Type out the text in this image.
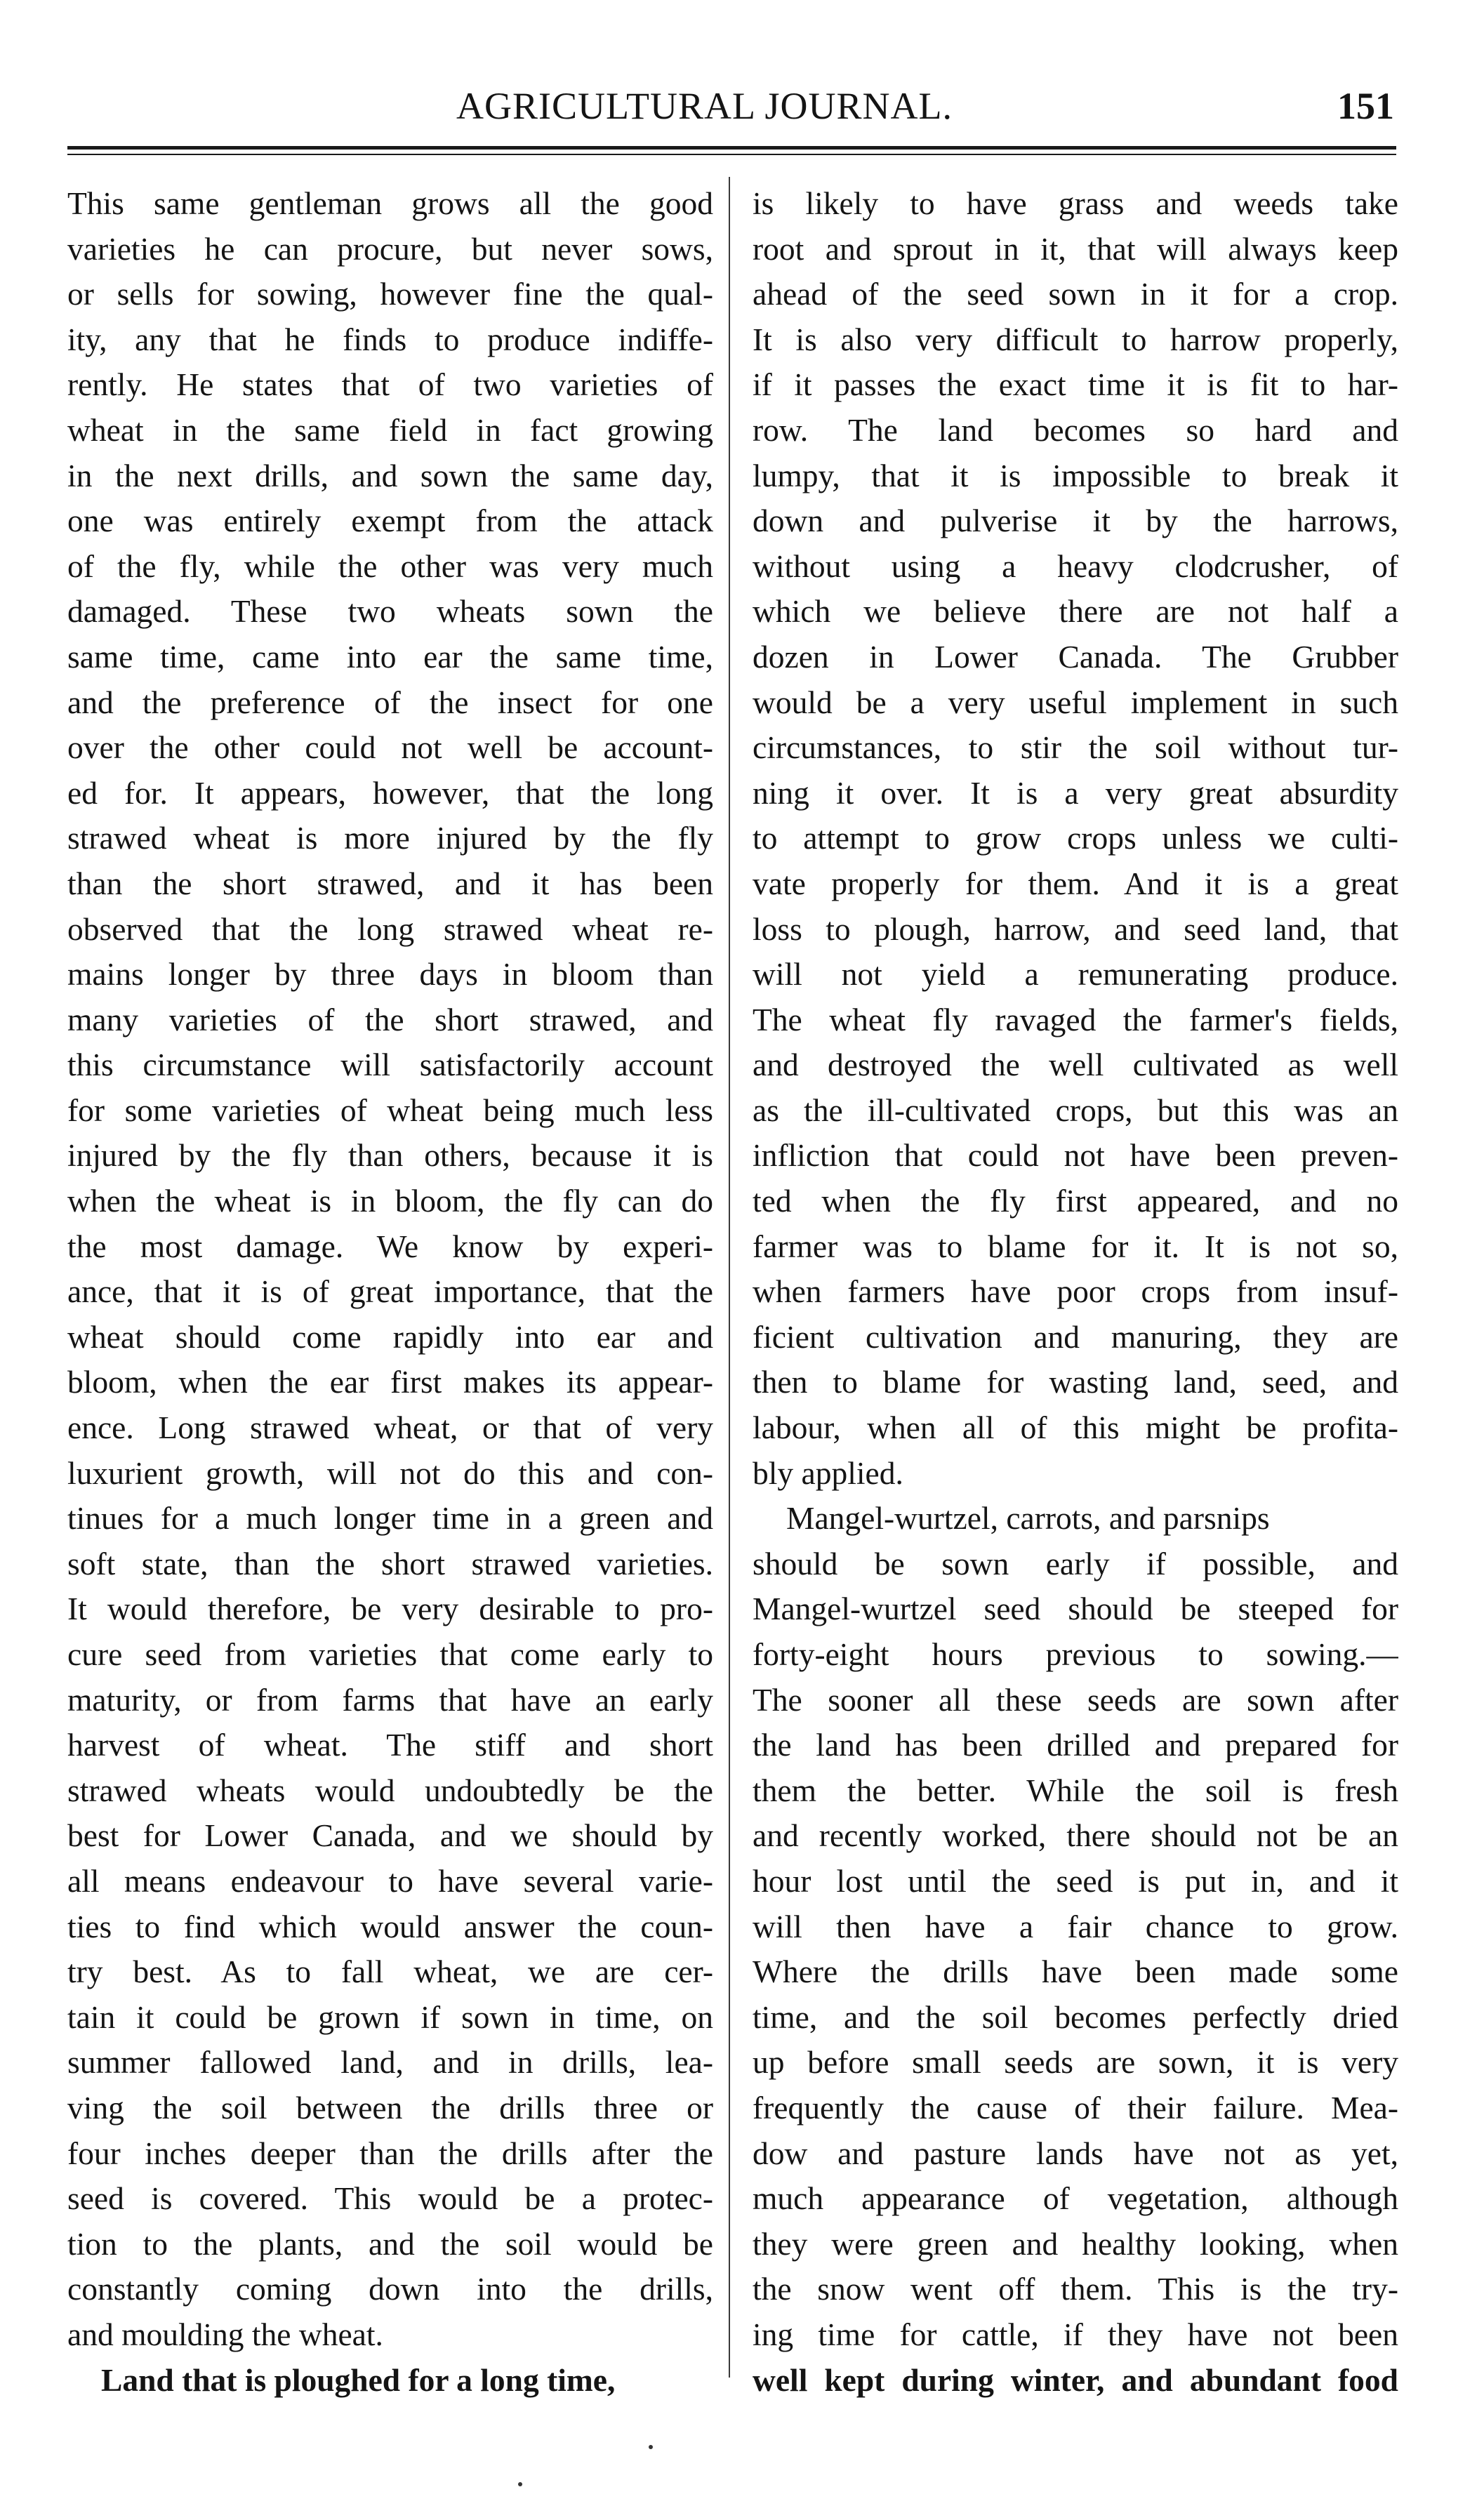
AGRICULTURAL JOURNAL.	151
This same gentleman grows all the good
varieties he can procure, but never sows,
or sells for sowing, however fine the qual-
ity, any that he finds to produce indiffe-
rently. He states that of two varieties of
wheat in the same field in fact growing
in the next drills, and sown the same day,
one was entirely exempt from the attack
of the fly, while the other was very much
damaged. These two wheats sown the
same time, came into ear the same time,
and the preference of the insect for one
over the other could not well be account-
ed for. It appears, however, that the long
strawed wheat is more injured by the fly
than the short strawed, and it has been
observed that the long strawed wheat re-
mains longer by three days in bloom than
many varieties of the short strawed, and
this circumstance will satisfactorily account
for some varieties of wheat being much less
injured by the fly than others, because it is
when the wheat is in bloom, the fly can do
the most damage. We know by experi-
ance, that it is of great importance, that the
wheat should come rapidly into ear and
bloom, when the ear first makes its appear-
ence. Long strawed wheat, or that of very
luxurient growth, will not do this and con-
tinues for a much longer time in a green and
soft state, than the short strawed varieties.
It would therefore, be very desirable to pro-
cure seed from varieties that come early to
maturity, or from farms that have an early
harvest of wheat. The stiff and short
strawed wheats would undoubtedly be the
best for Lower Canada, and we should by
all means endeavour to have several varie-
ties to find which would answer the coun-
try best. As to fall wheat, we are cer-
tain it could be grown if sown in time, on
summer fallowed land, and in drills, lea-
ving the soil between the drills three or
four inches deeper than the drills after the
seed is covered. This would be a protec-
tion to the plants, and the soil would be
constantly coming down into the drills,
and moulding the wheat.
Land that is ploughed for a long time,
is likely to have grass and weeds take
root and sprout in it, that will always keep
ahead of the seed sown in it for a crop.
It is also very difficult to harrow properly,
if it passes the exact time it is fit to har-
row. The land becomes so hard and
lumpy, that it is impossible to break it
down and pulverise it by the harrows,
without using a heavy clodcrusher, of
which we believe there are not half a
dozen in Lower Canada. The Grubber
would be a very useful implement in such
circumstances, to stir the soil without tur-
ning it over. It is a very great absurdity
to attempt to grow crops unless we culti-
vate properly for them. And it is a great
loss to plough, harrow, and seed land, that
will not yield a remunerating produce.
The wheat fly ravaged the farmer's fields,
and destroyed the well cultivated as well
as the ill-cultivated crops, but this was an
infliction that could not have been preven-
ted when the fly first appeared, and no
farmer was to blame for it. It is not so,
when farmers have poor crops from insuf-
ficient cultivation and manuring, they are
then to blame for wasting land, seed, and
labour, when all of this might be profita-
bly applied.
Mangel-wurtzel, carrots, and parsnips
should be sown early if possible, and
Mangel-wurtzel seed should be steeped for
forty-eight hours previous to sowing.—
The sooner all these seeds are sown after
the land has been drilled and prepared for
them the better. While the soil is fresh
and recently worked, there should not be an
hour lost until the seed is put in, and it
will then have a fair chance to grow.
Where the drills have been made some
time, and the soil becomes perfectly dried
up before small seeds are sown, it is very
frequently the cause of their failure. Mea-
dow and pasture lands have not as yet,
much appearance of vegetation, although
they were green and healthy looking, when
the snow went off them. This is the try-
ing time for cattle, if they have not been
well kept during winter, and abundant food
